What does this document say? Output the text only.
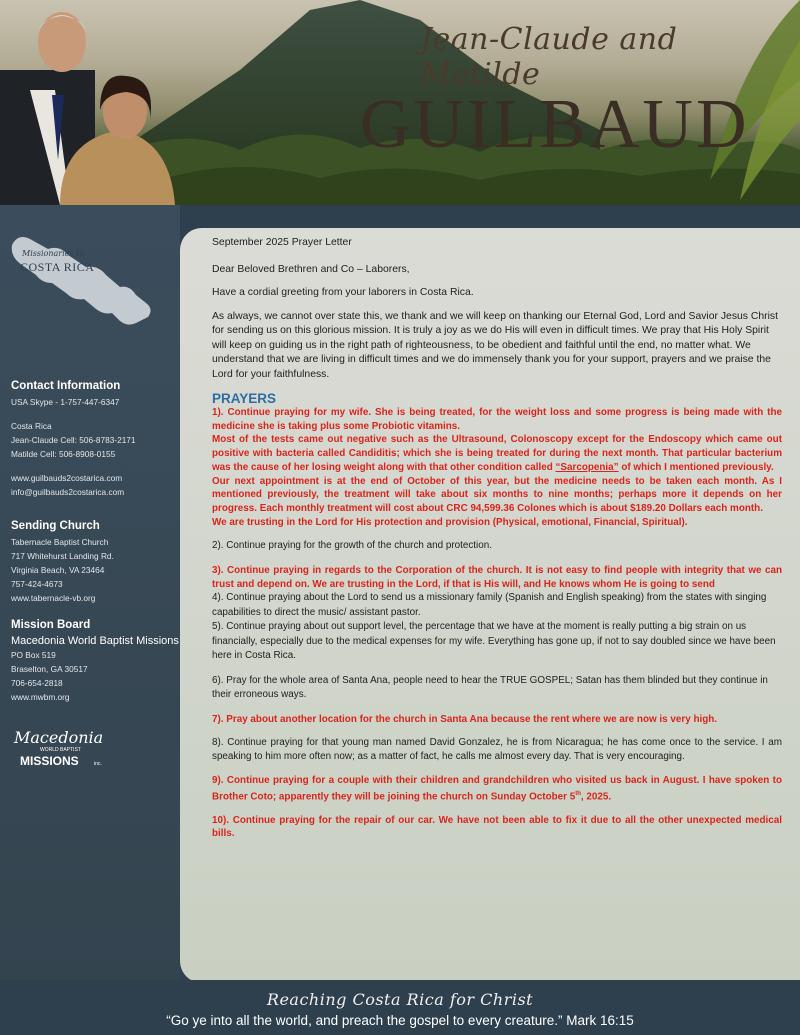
Jean-Claude and Matilde
GUILBAUD
Missionaries to
COSTA RICA
Contact Information
USA Skype - 1-757-447-6347
Costa Rica
Jean-Claude Cell: 506-8783-2171
Matilde Cell: 506-8908-0155
www.guilbauds2costarica.com
info@guilbauds2costarica.com
Sending Church
Tabernacle Baptist Church
717 Whitehurst Landing Rd.
Virginia Beach, VA 23464
757-424-4673
www.tabernacle-vb.org
Mission Board
Macedonia World Baptist Missions
PO Box 519
Braselton, GA 30517
706-654-2818
www.mwbm.org
Macedonia
WORLD BAPTIST
MISSIONS	inc.
September 2025 Prayer Letter
Dear Beloved Brethren and Co – Laborers,
Have a cordial greeting from your laborers in Costa Rica.
As always, we cannot over state this, we thank and we will keep on thanking our Eternal God, Lord and Savior Jesus Christ for sending us on this glorious mission. It is truly a joy as we do His will even in difficult times. We pray that His Holy Spirit will keep on guiding us in the right path of righteousness, to be obedient and faithful until the end, no matter what. We understand that we are living in difficult times and we do immensely thank you for your support, prayers and we praise the Lord for your faithfulness.
PRAYERS
1). Continue praying for my wife. She is being treated, for the weight loss and some progress is being made with the medicine she is taking plus some Probiotic vitamins.
Most of the tests came out negative such as the Ultrasound, Colonoscopy except for the Endoscopy which came out positive with bacteria called Candiditis; which she is being treated for during the next month. That particular bacterium was the cause of her losing weight along with that other condition called “Sarcopenia” of which I mentioned previously.
Our next appointment is at the end of October of this year, but the medicine needs to be taken each month. As I mentioned previously, the treatment will take about six months to nine months; perhaps more it depends on her progress. Each monthly treatment will cost about CRC 94,599.36 Colones which is about $189.20 Dollars each month.
We are trusting in the Lord for His protection and provision (Physical, emotional, Financial, Spiritual).
2). Continue praying for the growth of the church and protection.
3). Continue praying in regards to the Corporation of the church. It is not easy to find people with integrity that we can trust and depend on. We are trusting in the Lord, if that is His will, and He knows whom He is going to send
4). Continue praying about the Lord to send us a missionary family (Spanish and English speaking) from the states with singing capabilities to direct the music/ assistant pastor.
5). Continue praying about out support level, the percentage that we have at the moment is really putting a big strain on us financially, especially due to the medical expenses for my wife. Everything has gone up, if not to say doubled since we have been here in Costa Rica.
6). Pray for the whole area of Santa Ana, people need to hear the TRUE GOSPEL; Satan has them blinded but they continue in their erroneous ways.
7). Pray about another location for the church in Santa Ana because the rent where we are now is very high.
8). Continue praying for that young man named David Gonzalez, he is from Nicaragua; he has come once to the service. I am speaking to him more often now; as a matter of fact, he calls me almost every day. That is very encouraging.
9). Continue praying for a couple with their children and grandchildren who visited us back in August. I have spoken to Brother Coto; apparently they will be joining the church on Sunday October 5th, 2025.
10). Continue praying for the repair of our car. We have not been able to fix it due to all the other unexpected medical bills.
Reaching Costa Rica for Christ
“Go ye into all the world, and preach the gospel to every creature.” Mark 16:15
